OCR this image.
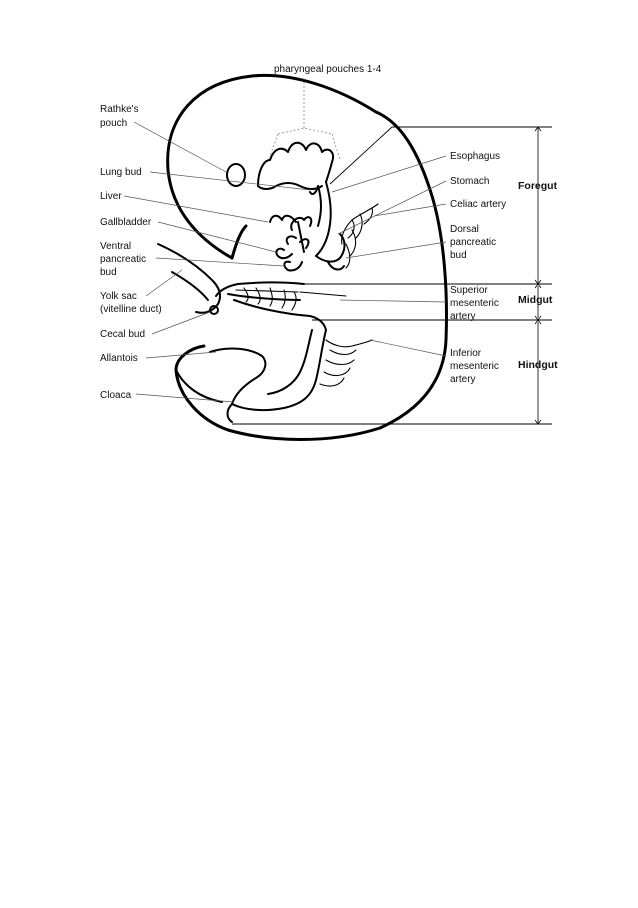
pharyngeal pouches 1-4
Rathke's
pouch
Lung bud
Liver
Gallbladder
Ventral
pancreatic
bud
Yolk sac
(vitelline duct)
Cecal bud
Allantois
Cloaca
Esophagus
Stomach
Celiac artery
Dorsal
pancreatic
bud
Superior
mesenteric
artery
Inferior
mesenteric
artery
Foregut
Midgut
Hindgut
